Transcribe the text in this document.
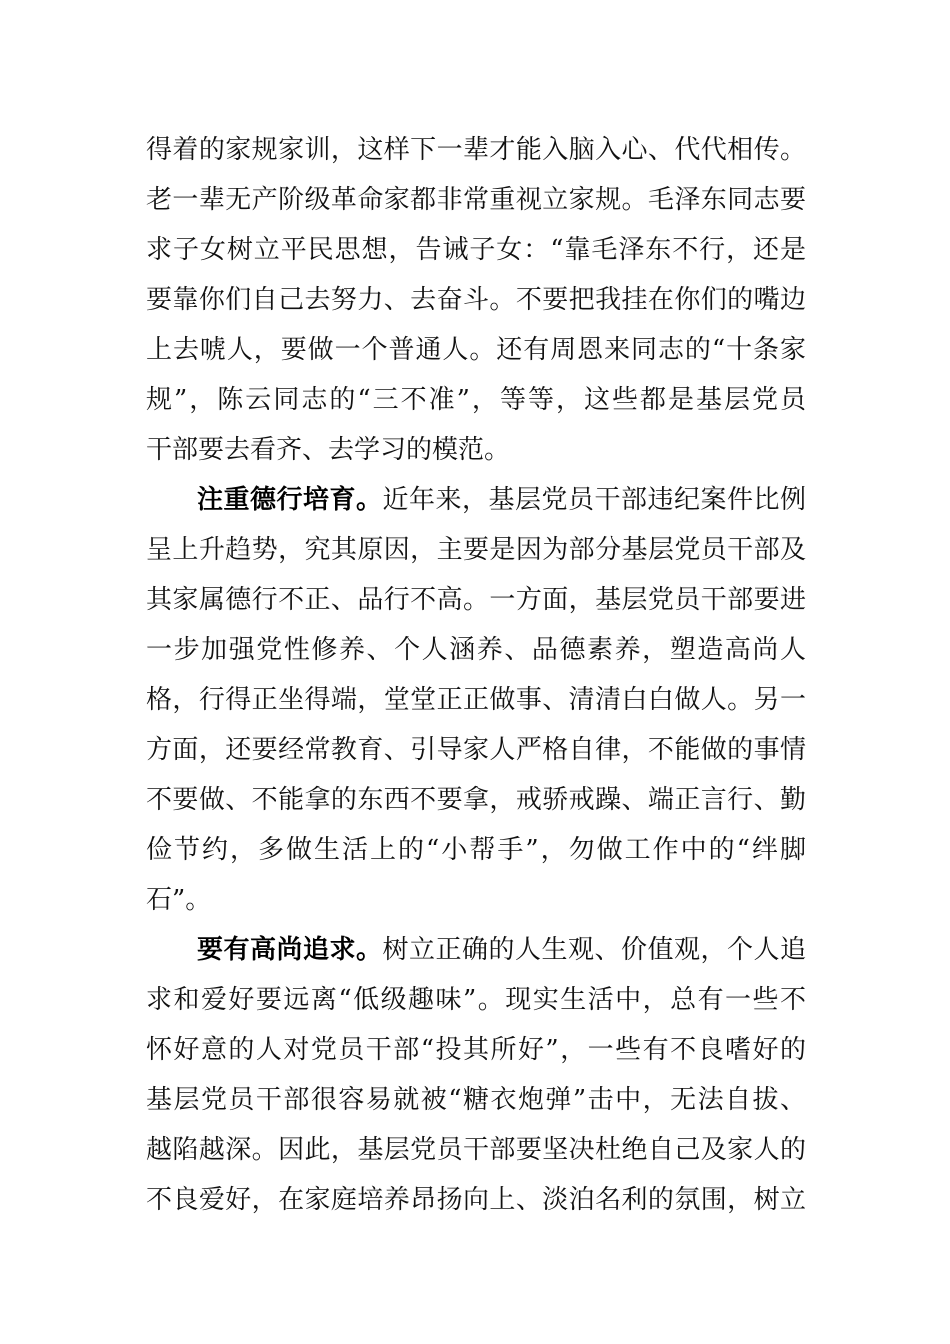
得着的家规家训，这样下一辈才能入脑入心、代代相传。
老一辈无产阶级革命家都非常重视立家规。毛泽东同志要
求子女树立平民思想，告诫子女：“靠毛泽东不行，还是
要靠你们自己去努力、去奋斗。不要把我挂在你们的嘴边
上去唬人，要做一个普通人。还有周恩来同志的“十条家
规”，陈云同志的“三不准”，等等，这些都是基层党员
干部要去看齐、去学习的模范。
注重德行培育。近年来，基层党员干部违纪案件比例
呈上升趋势，究其原因，主要是因为部分基层党员干部及
其家属德行不正、品行不高。一方面，基层党员干部要进
一步加强党性修养、个人涵养、品德素养，塑造高尚人
格，行得正坐得端，堂堂正正做事、清清白白做人。另一
方面，还要经常教育、引导家人严格自律，不能做的事情
不要做、不能拿的东西不要拿，戒骄戒躁、端正言行、勤
俭节约，多做生活上的“小帮手”，勿做工作中的“绊脚
石”。
要有高尚追求。树立正确的人生观、价值观，个人追
求和爱好要远离“低级趣味”。现实生活中，总有一些不
怀好意的人对党员干部“投其所好”，一些有不良嗜好的
基层党员干部很容易就被“糖衣炮弹”击中，无法自拔、
越陷越深。因此，基层党员干部要坚决杜绝自己及家人的
不良爱好，在家庭培养昂扬向上、淡泊名利的氛围，树立
